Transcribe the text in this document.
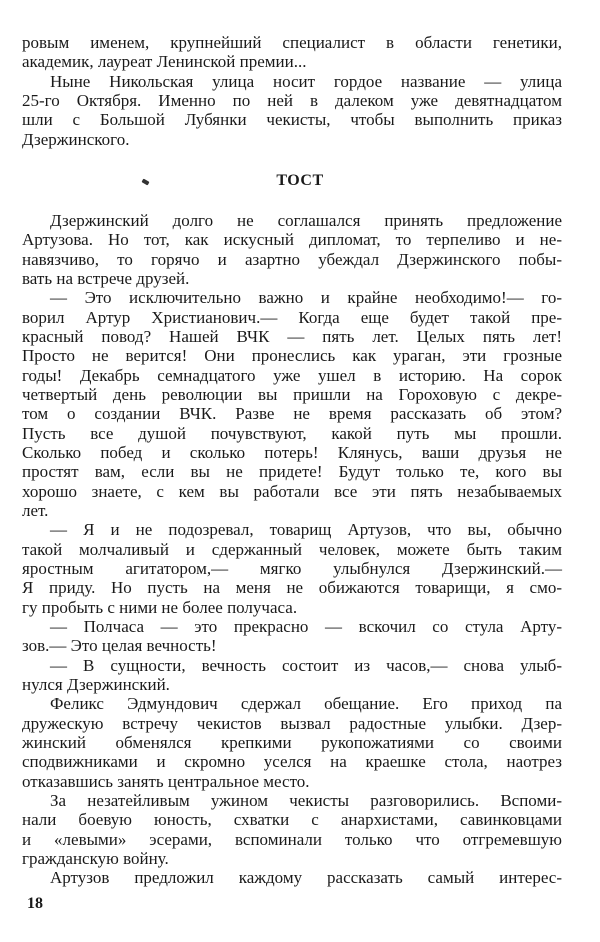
ровым именем, крупнейший специалист в области генетики,
академик, лауреат Ленинской премии...
Ныне Никольская улица носит гордое название — улица
25-го Октября. Именно по ней в далеком уже девятнадцатом
шли с Большой Лубянки чекисты, чтобы выполнить приказ
Дзержинского.
ТОСТ
Дзержинский долго не соглашался принять предложение
Артузова. Но тот, как искусный дипломат, то терпеливо и не-
навязчиво, то горячо и азартно убеждал Дзержинского побы-
вать на встрече друзей.
— Это исключительно важно и крайне необходимо!— го-
ворил Артур Христианович.— Когда еще будет такой пре-
красный повод? Нашей ВЧК — пять лет. Целых пять лет!
Просто не верится! Они пронеслись как ураган, эти грозные
годы! Декабрь семнадцатого уже ушел в историю. На сорок
четвертый день революции вы пришли на Гороховую с декре-
том о создании ВЧК. Разве не время рассказать об этом?
Пусть все душой почувствуют, какой путь мы прошли.
Сколько побед и сколько потерь! Клянусь, ваши друзья не
простят вам, если вы не придете! Будут только те, кого вы
хорошо знаете, с кем вы работали все эти пять незабываемых
лет.
— Я и не подозревал, товарищ Артузов, что вы, обычно
такой молчаливый и сдержанный человек, можете быть таким
яростным агитатором,— мягко улыбнулся Дзержинский.—
Я приду. Но пусть на меня не обижаются товарищи, я смо-
гу пробыть с ними не более получаса.
— Полчаса — это прекрасно — вскочил со стула Арту-
зов.— Это целая вечность!
— В сущности, вечность состоит из часов,— снова улыб-
нулся Дзержинский.
Феликс Эдмундович сдержал обещание. Его приход па
дружескую встречу чекистов вызвал радостные улыбки. Дзер-
жинский обменялся крепкими рукопожатиями со своими
сподвижниками и скромно уселся на краешке стола, наотрез
отказавшись занять центральное место.
За незатейливым ужином чекисты разговорились. Вспоми-
нали боевую юность, схватки с анархистами, савинковцами
и «левыми» эсерами, вспоминали только что отгремевшую
гражданскую войну.
Артузов предложил каждому рассказать самый интерес-
18
